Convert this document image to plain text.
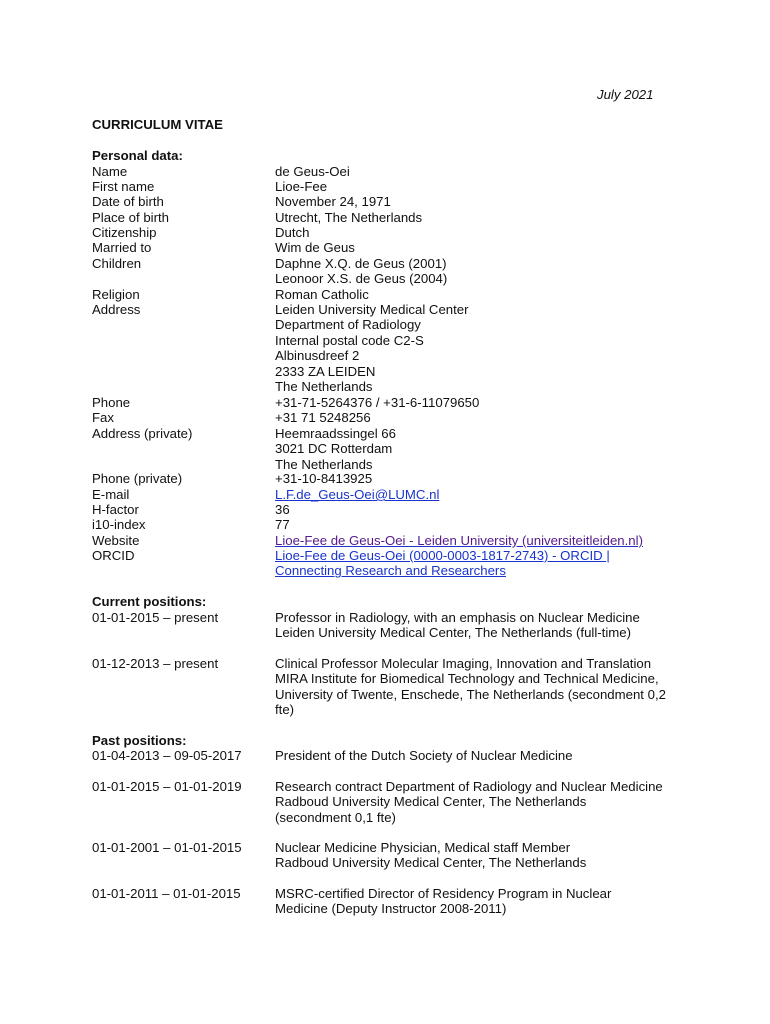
July 2021
CURRICULUM VITAE
Personal data:
Name	de Geus-Oei
First name	Lioe-Fee
Date of birth	November 24, 1971
Place of birth	Utrecht, The Netherlands
Citizenship	Dutch
Married to	Wim de Geus
Children	Daphne X.Q. de Geus (2001)
Leonoor X.S. de Geus (2004)
Religion	Roman Catholic
Address	Leiden University Medical Center
Department of Radiology
Internal postal code C2-S
Albinusdreef 2
2333 ZA LEIDEN
The Netherlands
Phone	+31-71-5264376 / +31-6-11079650
Fax	+31 71 5248256
Address (private)	Heemraadssingel 66
3021 DC Rotterdam
The Netherlands
Phone (private)	+31-10-8413925
E-mail	L.F.de_Geus-Oei@LUMC.nl
H-factor	36
i10-index	77
Website	Lioe-Fee de Geus-Oei - Leiden University (universiteitleiden.nl)
ORCID	Lioe-Fee de Geus-Oei (0000-0003-1817-2743) - ORCID |
Connecting Research and Researchers
Current positions:
01-01-2015 – present	Professor in Radiology, with an emphasis on Nuclear Medicine
Leiden University Medical Center, The Netherlands (full-time)
01-12-2013 – present	Clinical Professor Molecular Imaging, Innovation and Translation
MIRA Institute for Biomedical Technology and Technical Medicine,
University of Twente, Enschede, The Netherlands (secondment 0,2
fte)
Past positions:
01-04-2013 – 09-05-2017	President of the Dutch Society of Nuclear Medicine
01-01-2015 – 01-01-2019	Research contract Department of Radiology and Nuclear Medicine
Radboud University Medical Center, The Netherlands
(secondment 0,1 fte)
01-01-2001 – 01-01-2015	Nuclear Medicine Physician, Medical staff Member
Radboud University Medical Center, The Netherlands
01-01-2011 – 01-01-2015	MSRC-certified Director of Residency Program in Nuclear
Medicine (Deputy Instructor 2008-2011)
